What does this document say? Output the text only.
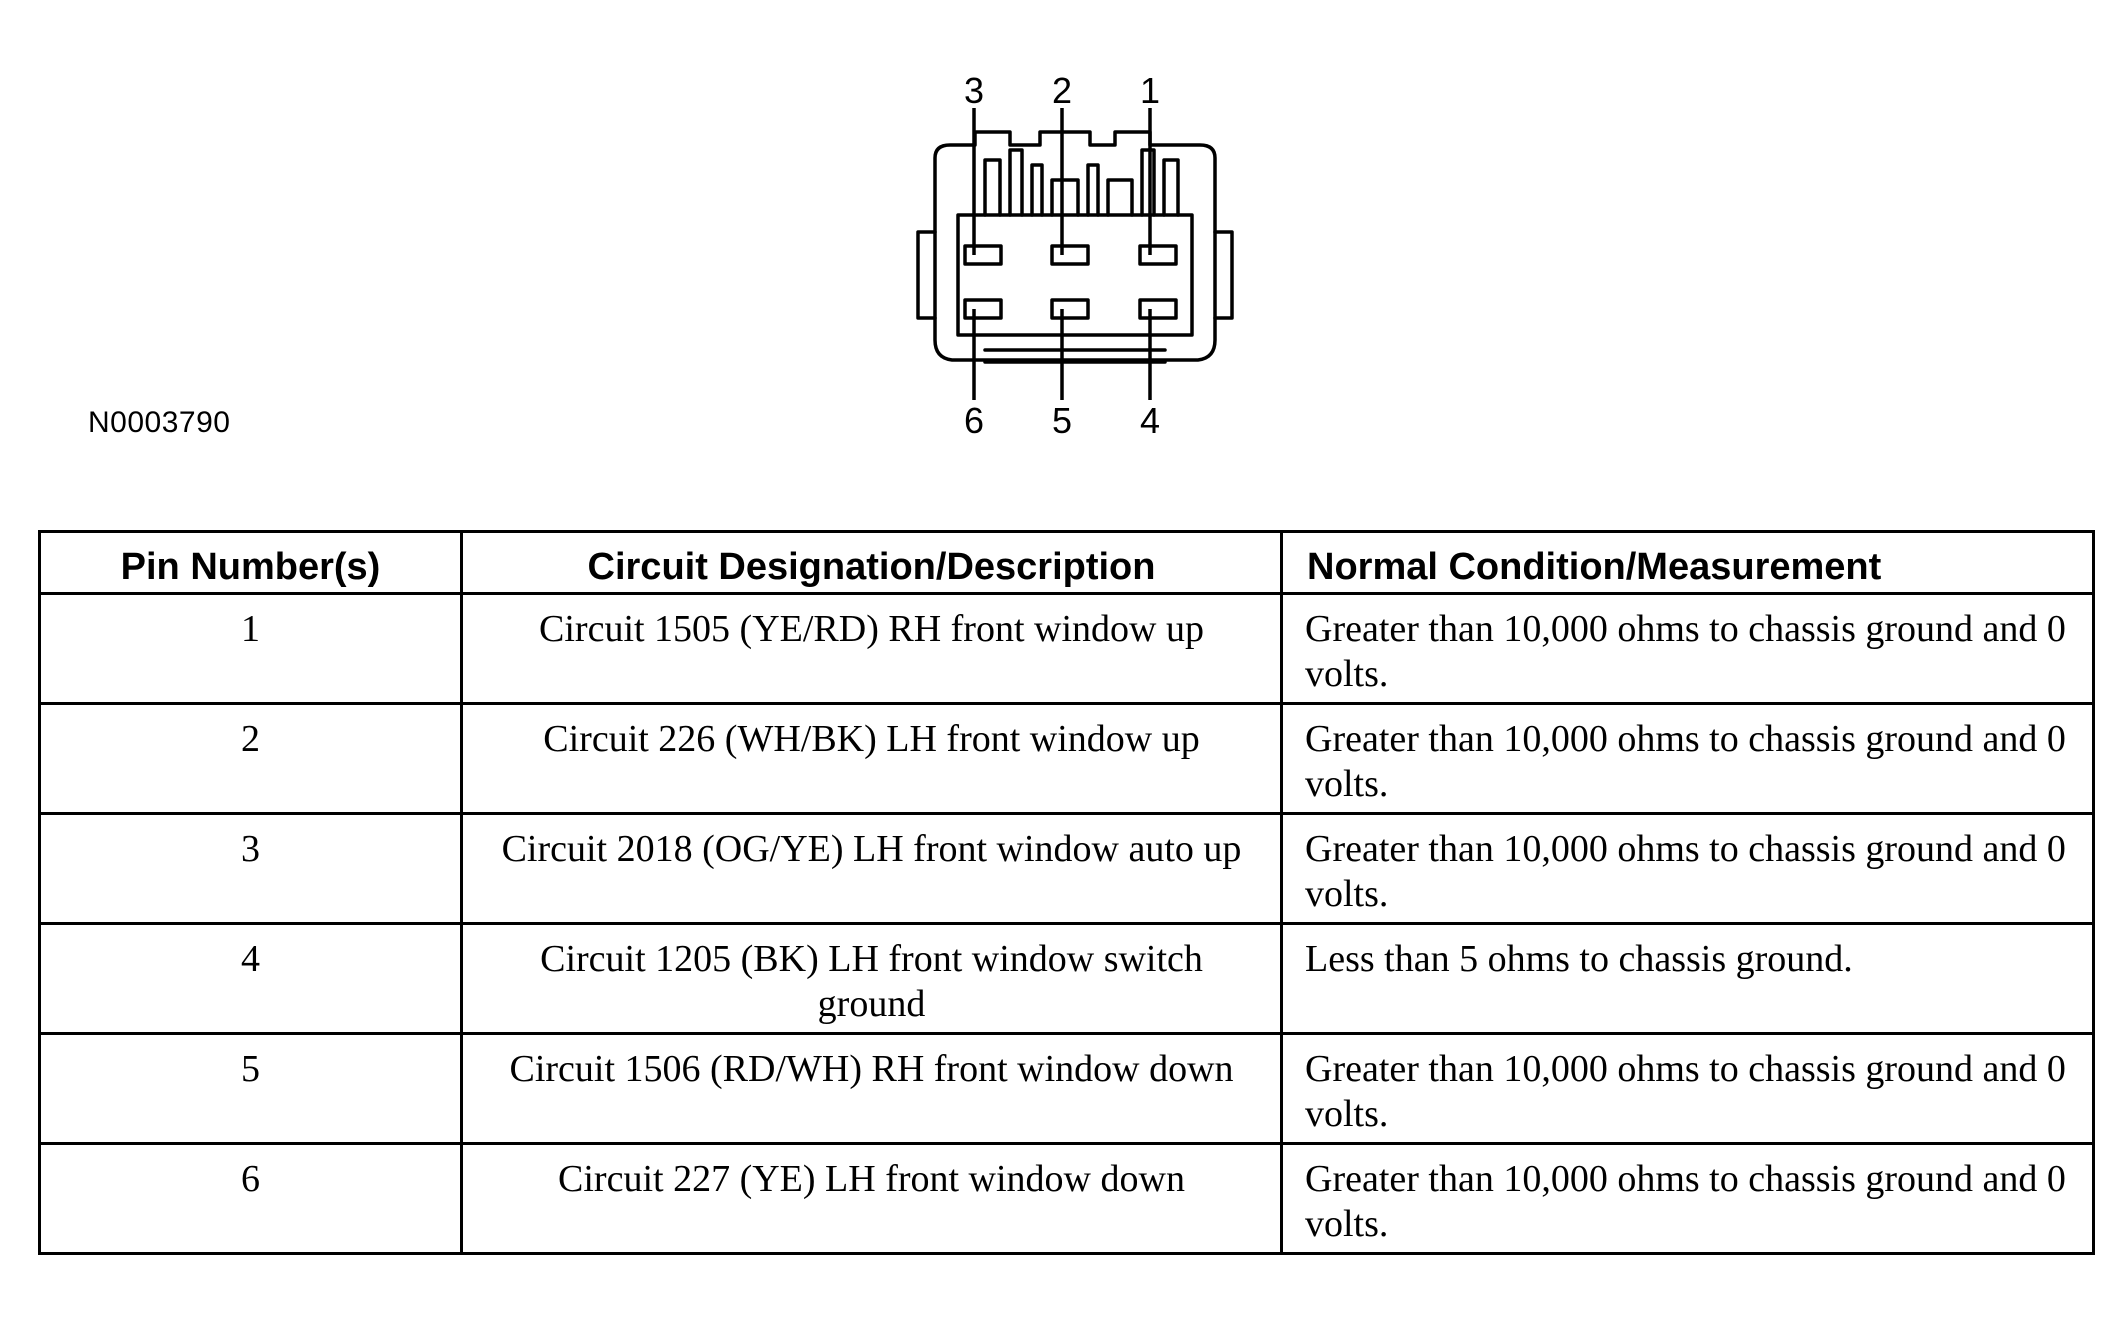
3 2 1
6 5 4
N0003790
Pin Number(s)	Circuit Designation/Description	Normal Condition/Measurement
1	Circuit 1505 (YE/RD) RH front window up	Greater than 10,000 ohms to chassis ground and 0 volts.
2	Circuit 226 (WH/BK) LH front window up	Greater than 10,000 ohms to chassis ground and 0 volts.
3	Circuit 2018 (OG/YE) LH front window auto up	Greater than 10,000 ohms to chassis ground and 0 volts.
4	Circuit 1205 (BK) LH front window switch ground	Less than 5 ohms to chassis ground.
5	Circuit 1506 (RD/WH) RH front window down	Greater than 10,000 ohms to chassis ground and 0 volts.
6	Circuit 227 (YE) LH front window down	Greater than 10,000 ohms to chassis ground and 0 volts.
